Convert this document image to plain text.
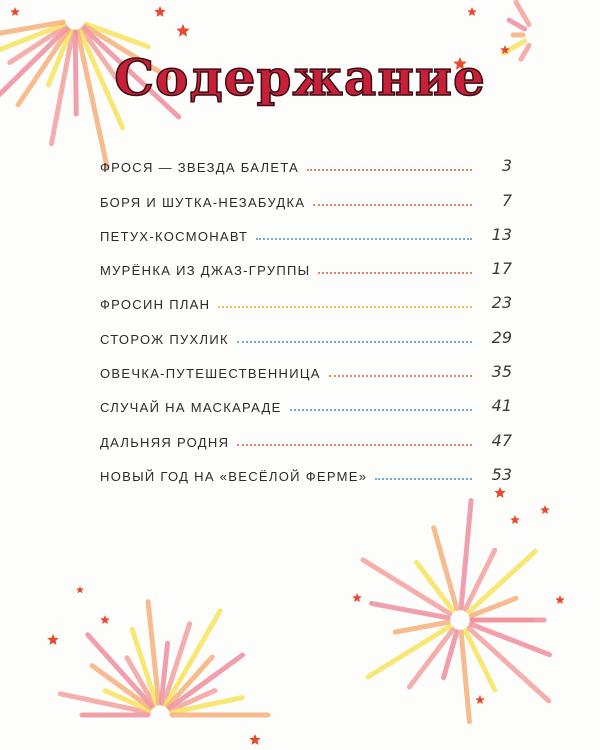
Содержание
ФРОСЯ — ЗВЕЗДА БАЛЕТА	3
БОРЯ И ШУТКА-НЕЗАБУДКА	7
ПЕТУХ-КОСМОНАВТ	13
МУРЁНКА ИЗ ДЖАЗ-ГРУППЫ	17
ФРОСИН ПЛАН	23
СТОРОЖ ПУХЛИК	29
ОВЕЧКА-ПУТЕШЕСТВЕННИЦА	35
СЛУЧАЙ НА МАСКАРАДЕ	41
ДАЛЬНЯЯ РОДНЯ	47
НОВЫЙ ГОД НА «ВЕСЁЛОЙ ФЕРМЕ»	53
